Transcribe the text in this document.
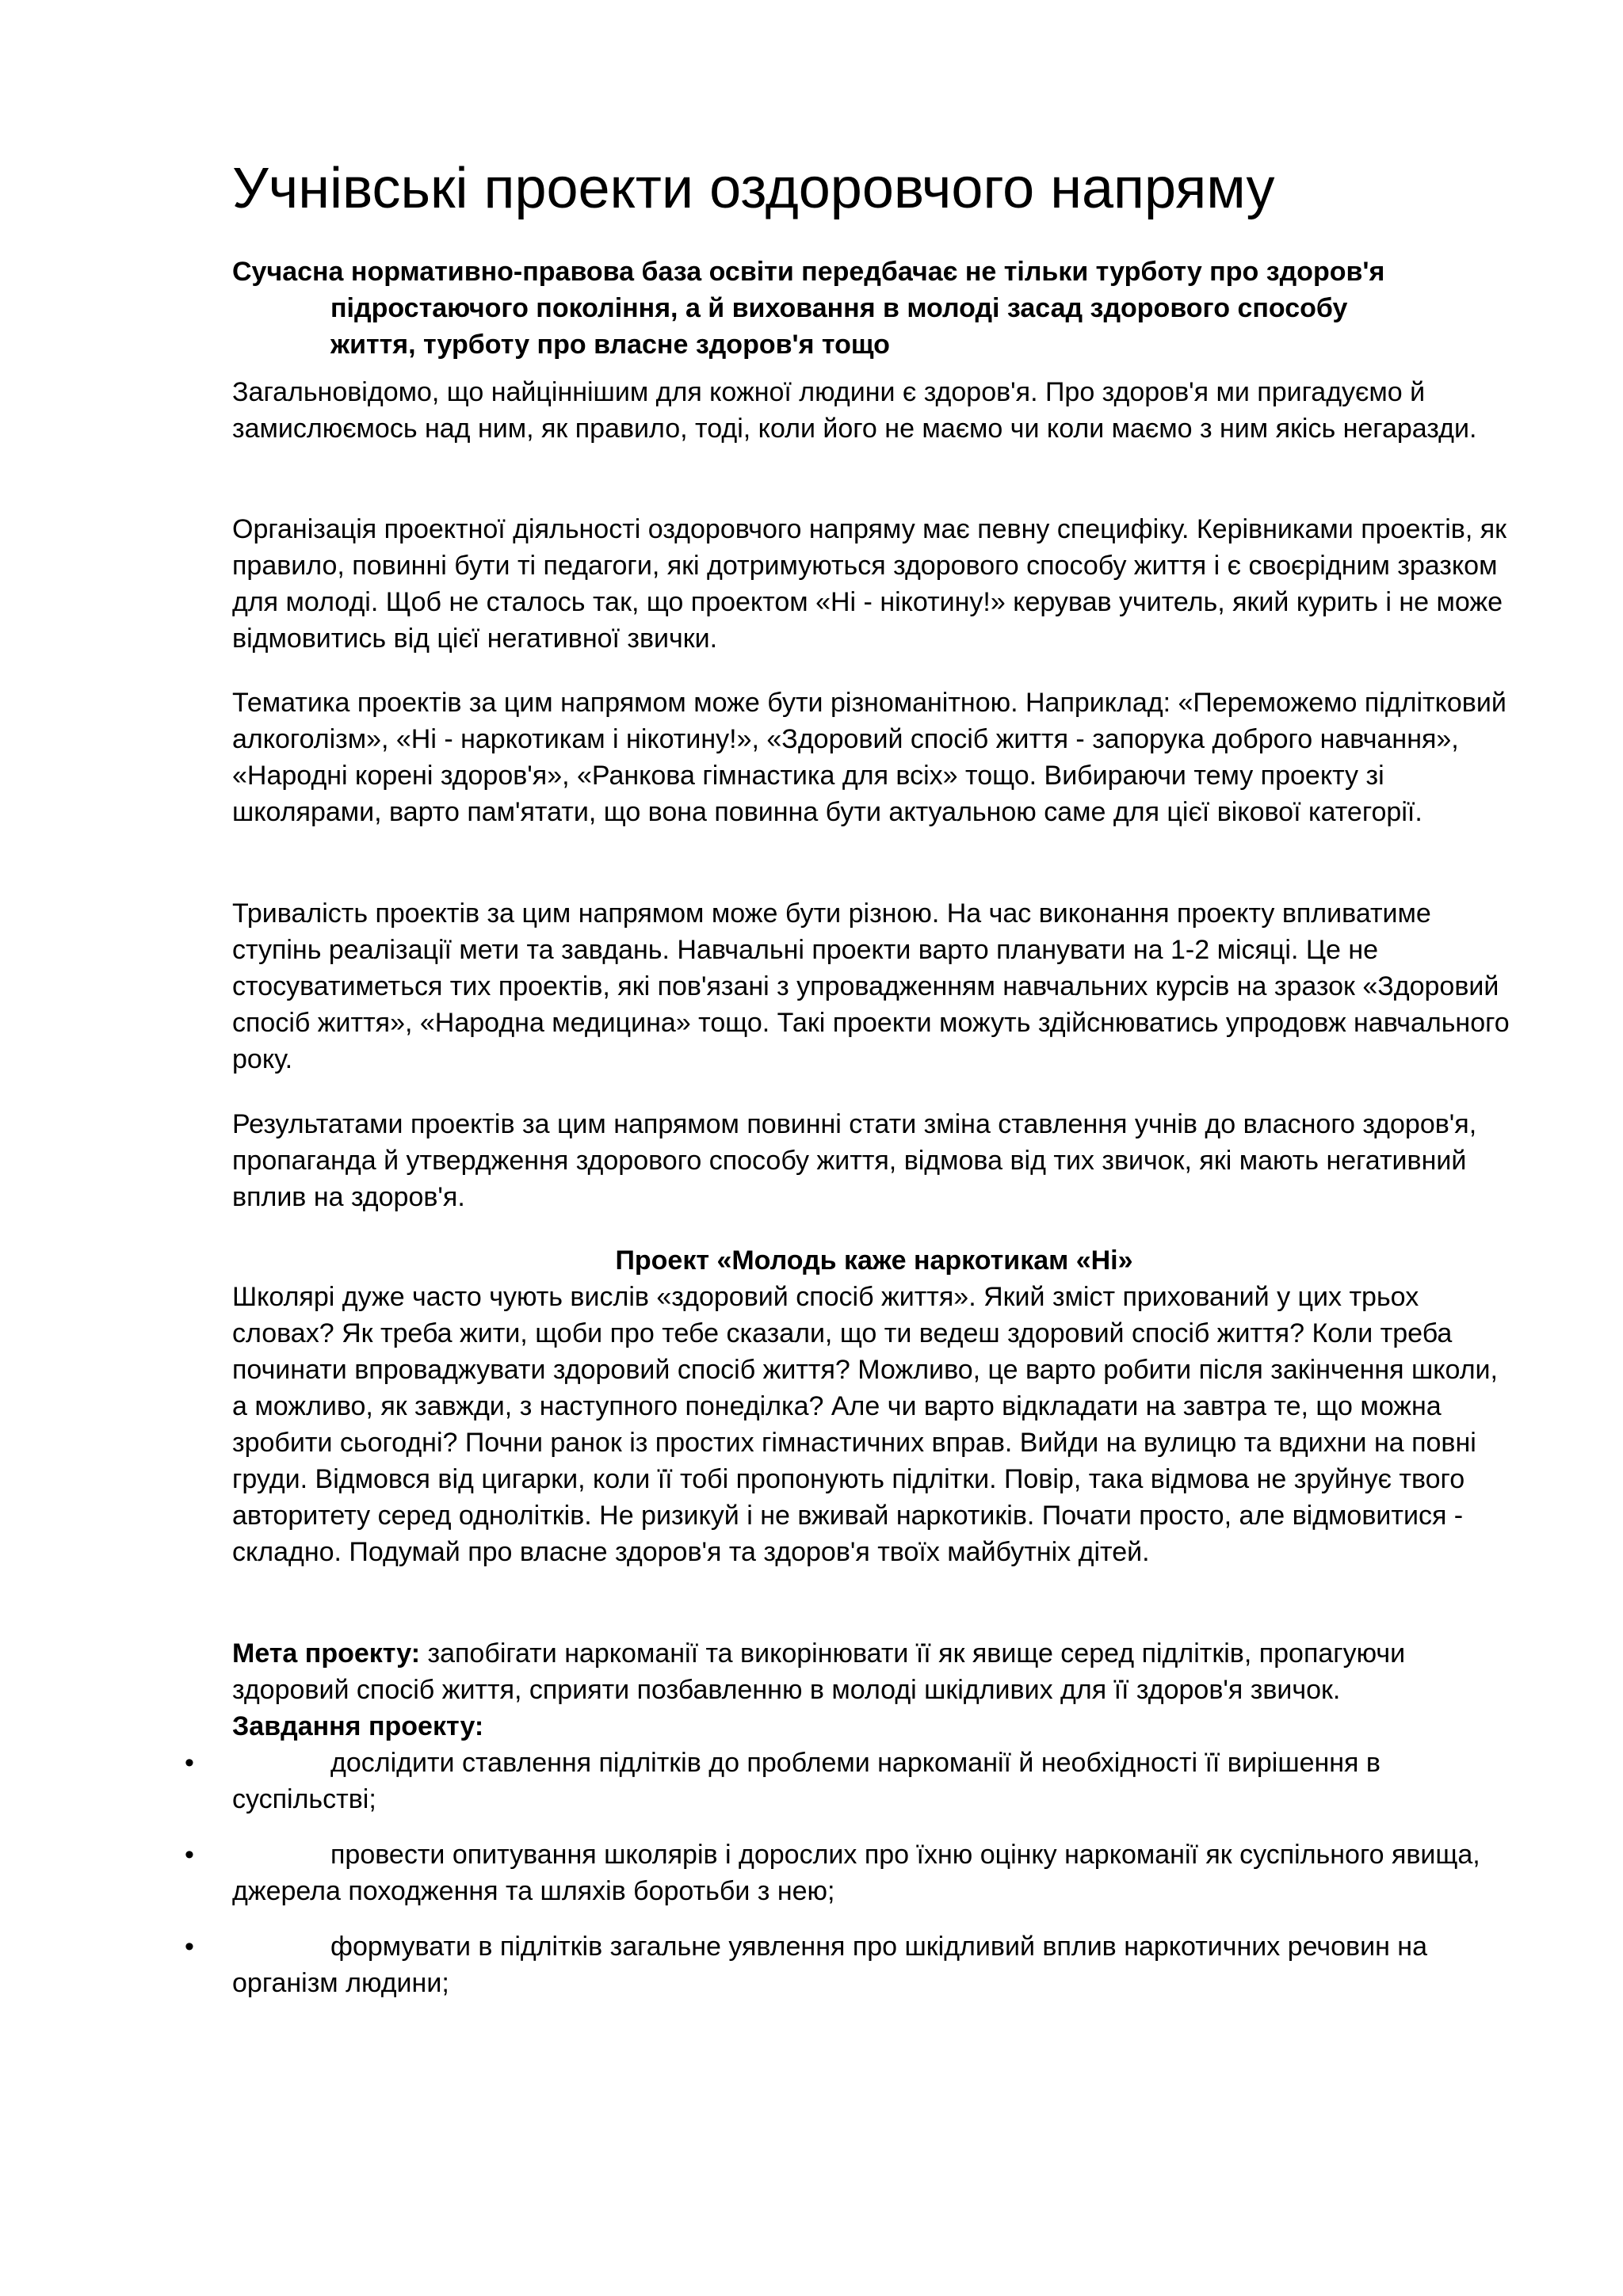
Учнівські проекти оздоровчого напряму

Сучасна нормативно-правова база освіти передбачає не тільки турботу про здоров'я
підростаючого покоління, а й виховання в молоді засад здорового способу
життя, турботу про власне здоров'я тощо

Загальновідомо, що найціннішим для кожної людини є здоров'я. Про здоров'я ми пригадуємо й замислюємось над ним, як правило, тоді, коли його не маємо чи коли маємо з ним якісь негаразди.

Організація проектної діяльності оздоровчого напряму має певну специфіку. Керівниками проектів, як правило, повинні бути ті педагоги, які дотримуються здорового способу життя і є своєрідним зразком для молоді. Щоб не сталось так, що проектом «Ні - нікотину!» керував учитель, який курить і не може відмовитись від цієї негативної звички.

Тематика проектів за цим напрямом може бути різноманітною. Наприклад: «Переможемо підлітковий алкоголізм», «Ні - наркотикам і нікотину!», «Здоровий спосіб життя - запорука доброго навчання», «Народні корені здоров'я», «Ранкова гімнастика для всіх» тощо. Вибираючи тему проекту зі школярами, варто пам'ятати, що вона повинна бути актуальною саме для цієї вікової категорії.

Тривалість проектів за цим напрямом може бути різною. На час виконання проекту впливатиме ступінь реалізації мети та завдань. Навчальні проекти варто планувати на 1-2 місяці. Це не стосуватиметься тих проектів, які пов'язані з упровадженням навчальних курсів на зразок «Здоровий спосіб життя», «Народна медицина» тощо. Такі проекти можуть здійснюватись упродовж навчального року.

Результатами проектів за цим напрямом повинні стати зміна ставлення учнів до власного здоров'я, пропаганда й утвердження здорового способу життя, відмова від тих звичок, які мають негативний вплив на здоров'я.

Проект «Молодь каже наркотикам «Ні»

Школярі дуже часто чують вислів «здоровий спосіб життя». Який зміст прихований у цих трьох словах? Як треба жити, щоби про тебе сказали, що ти ведеш здоровий спосіб життя? Коли треба починати впроваджувати здоровий спосіб життя? Можливо, це варто робити після закінчення школи, а можливо, як завжди, з наступного понеділка? Але чи варто відкладати на завтра те, що можна зробити сьогодні? Почни ранок із простих гімнастичних вправ. Вийди на вулицю та вдихни на повні груди. Відмовся від цигарки, коли її тобі пропонують підлітки. Повір, така відмова не зруйнує твого авторитету серед однолітків. Не ризикуй і не вживай наркотиків. Почати просто, але відмовитися - складно. Подумай про власне здоров'я та здоров'я твоїх майбутніх дітей.

Мета проекту: запобігати наркоманії та викорінювати її як явище серед підлітків, пропагуючи здоровий спосіб життя, сприяти позбавленню в молоді шкідливих для її здоров'я звичок.

Завдання проекту:

•	дослідити ставлення підлітків до проблеми наркоманії й необхідності її вирішення в суспільстві;
•	провести опитування школярів і дорослих про їхню оцінку наркоманії як суспільного явища, джерела походження та шляхів боротьби з нею;
•	формувати в підлітків загальне уявлення про шкідливий вплив наркотичних речовин на організм людини;
